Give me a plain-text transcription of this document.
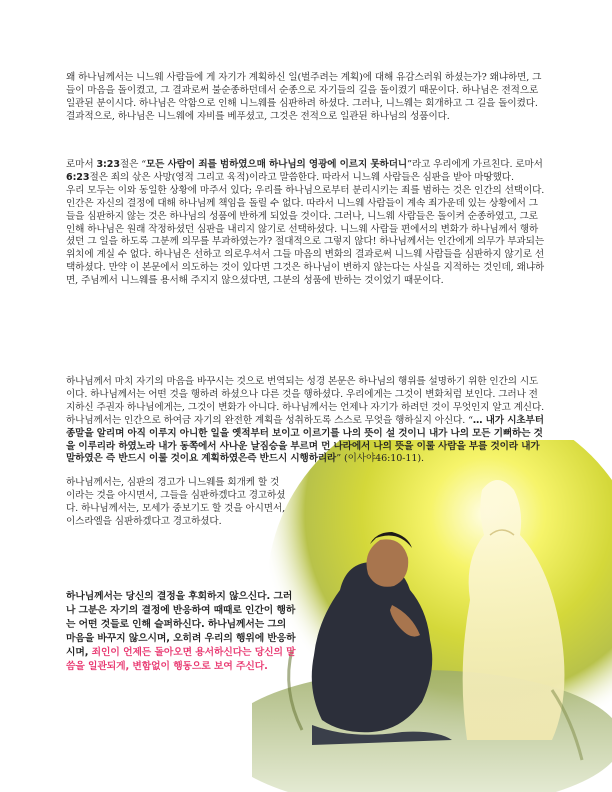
왜 하나님께서는 니느웨 사람들에 게 자기가 계획하신 일(벌주려는 계획)에 대해 유감스러워 하셨는가? 왜냐하면, 그들이 마음을 돌이켰고, 그 결과로써 불순종하던데서 순종으로 자기들의 길을 돌이켰기 때문이다. 하나님은 전적으로 일관된 분이시다. 하나님은 악함으로 인해 니느웨를 심판하려 하셨다. 그러나, 니느웨는 회개하고 그 길을 돌이켰다. 결과적으로, 하나님은 니느웨에 자비를 베푸셨고, 그것은 전적으로 일관된 하나님의 성품이다.

로마서 3:23절은 “모든 사람이 죄를 범하였으매 하나님의 영광에 이르지 못하더니”라고 우리에게 가르친다. 로마서 6:23절은 죄의 삯은 사망(영적 그리고 육적)이라고 말씀한다. 따라서 니느웨 사람들은 심판을 받아 마땅했다.
우리 모두는 이와 동일한 상황에 마주서 있다; 우리를 하나님으로부터 분리시키는 죄를 범하는 것은 인간의 선택이다. 인간은 자신의 결정에 대해 하나님께 책임을 돌릴 수 없다. 따라서 니느웨 사람들이 계속 죄가운데 있는 상황에서 그들을 심판하지 않는 것은 하나님의 성품에 반하게 되었을 것이다. 그러나, 니느웨 사람들은 돌이켜 순종하였고, 그로 인해 하나님은 원래 작정하셨던 심판을 내리지 않기로 선택하셨다. 니느웨 사람들 편에서의 변화가 하나님께서 행하셨던 그 일을 하도록 그분께 의무를 부과하였는가? 절대적으로 그렇지 않다! 하나님께서는 인간에게 의무가 부과되는 위치에 계실 수 없다. 하나님은 선하고 의로우셔서 그들 마음의 변화의 결과로써 니느웨 사람들을 심판하지 않기로 선택하셨다. 만약 이 본문에서 의도하는 것이 있다면 그것은 하나님이 변하지 않는다는 사실을 지적하는 것인데, 왜냐하면, 주님께서 니느웨를 용서해 주지지 않으셨다면, 그분의 성품에 반하는 것이었기 때문이다.

하나님께서 마치 자기의 마음을 바꾸시는 것으로 번역되는 성경 본문은 하나님의 행위를 설명하기 위한 인간의 시도이다. 하나님께서는 어떤 것을 행하려 하셨으나 다른 것을 행하셨다. 우리에게는 그것이 변화처럼 보인다. 그러나 전지하신 주권자 하나님에게는, 그것이 변화가 아니다. 하나님께서는 언제나 자기가 하려던 것이 무엇인지 알고 계신다. 하나님께서는 인간으로 하여금 자기의 완전한 계획을 성취하도록 스스로 무엇을 행하실지 아신다. “… 내가 시초부터 종말을 알리며 아직 이루지 아니한 일을 옛적부터 보이고 이르기를 나의 뜻이 설 것이니 내가 나의 모든 기뻐하는 것을 이루리라 하였노라 내가 동쪽에서 사나운 날짐승을 부르며 먼 나라에서 나의 뜻을 이룰 사람을 부를 것이라 내가 말하였은 즉 반드시 이룰 것이요 계획하였은즉 반드시 시행하리라” (이사야46:10-11).

하나님께서는, 심판의 경고가 니느웨를 회개케 할 것이라는 것을 아시면서, 그들을 심판하겠다고 경고하셨다. 하나님께서는, 모세가 중보기도 할 것을 아시면서, 이스라엘을 심판하겠다고 경고하셨다.

하나님께서는 당신의 결정을 후회하지 않으신다. 그러나 그분은 자기의 결정에 반응하여 때때로 인간이 행하는 어떤 것들로 인해 슬퍼하신다. 하나님께서는 그의 마음을 바꾸지 않으시며, 오히려 우리의 행위에 반응하시며, 죄인이 언제든 돌아오면 용서하신다는 당신의 말씀을 일관되게, 변함없이 행동으로 보여 주신다.
